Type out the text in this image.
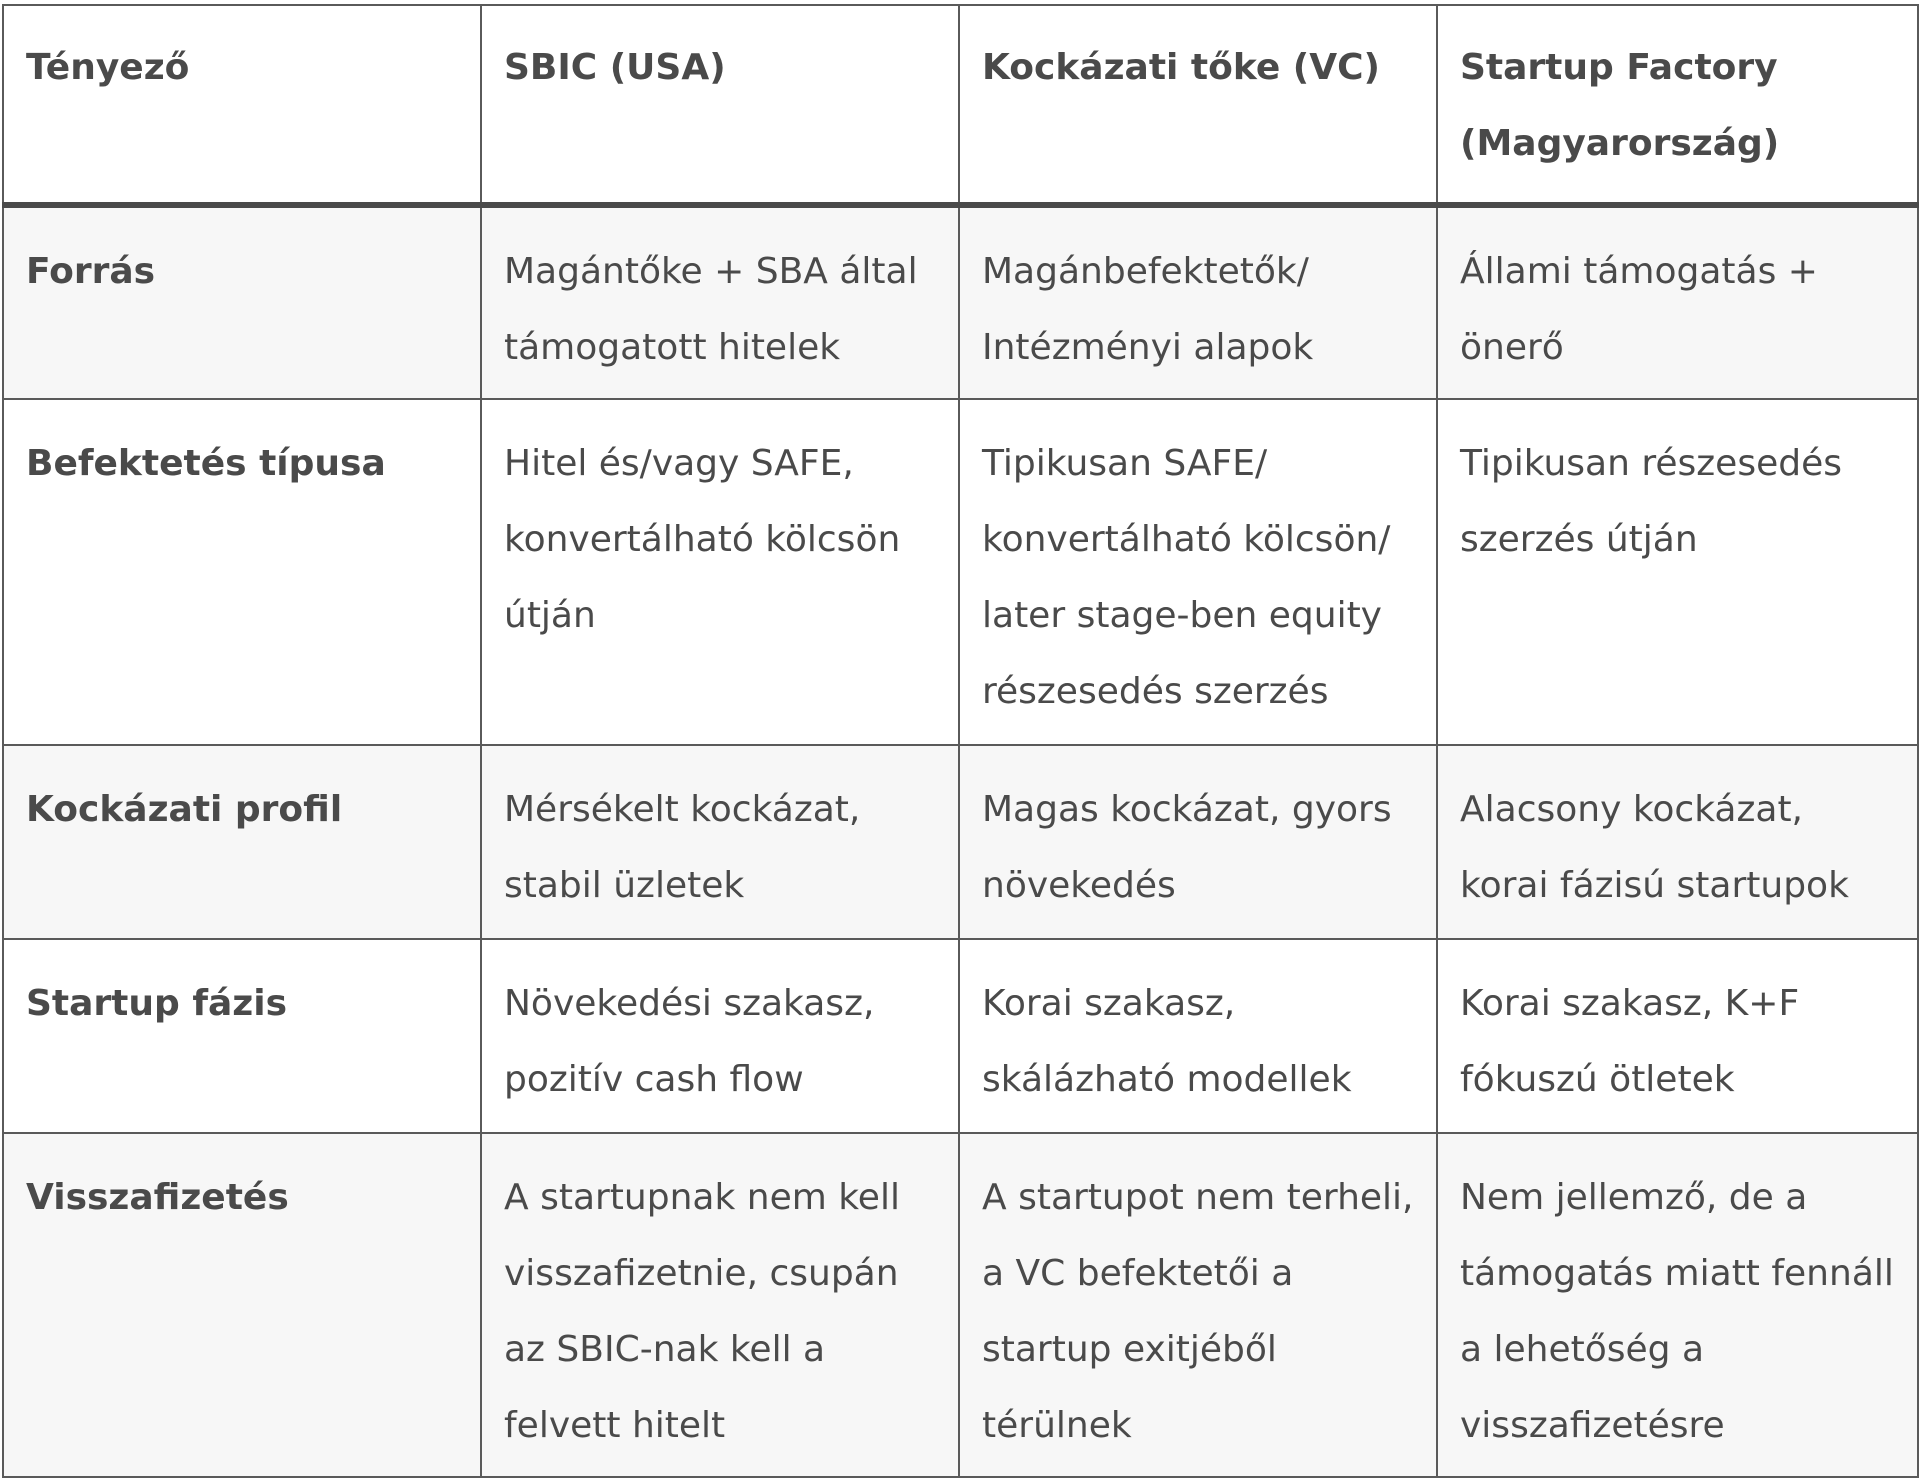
Tényező	SBIC (USA)	Kockázati tőke (VC)	Startup Factory (Magyarország)
Forrás	Magántőke + SBA által támogatott hitelek	Magánbefektetők/ Intézményi alapok	Állami támogatás + önerő
Befektetés típusa	Hitel és/vagy SAFE, konvertálható kölcsön útján	Tipikusan SAFE/ konvertálható kölcsön/ later stage-ben equity részesedés szerzés	Tipikusan részesedés szerzés útján
Kockázati profil	Mérsékelt kockázat, stabil üzletek	Magas kockázat, gyors növekedés	Alacsony kockázat, korai fázisú startupok
Startup fázis	Növekedési szakasz, pozitív cash flow	Korai szakasz, skálázható modellek	Korai szakasz, K+F fókuszú ötletek
Visszafizetés	A startupnak nem kell visszafizetnie, csupán az SBIC-nak kell a felvett hitelt	A startupot nem terheli, a VC befektetői a startup exitjéből térülnek	Nem jellemző, de a támogatás miatt fennáll a lehetőség a visszafizetésre
